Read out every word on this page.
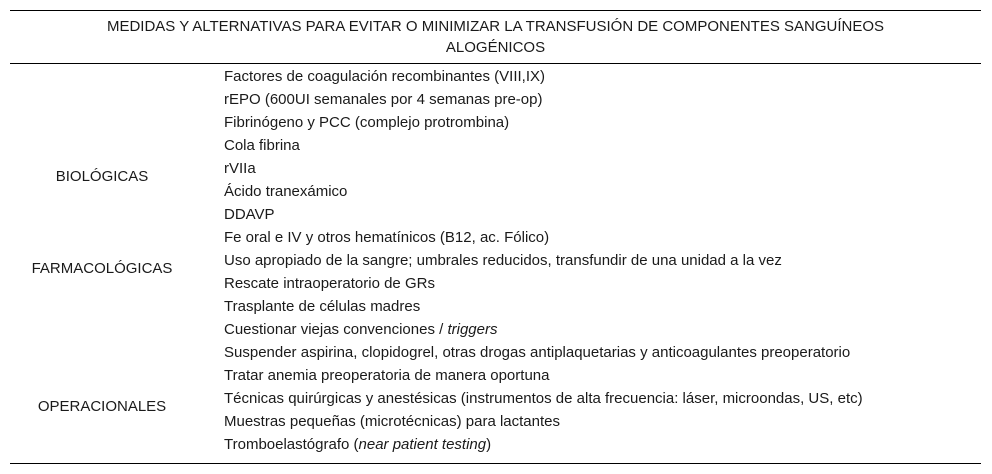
MEDIDAS Y ALTERNATIVAS PARA EVITAR O MINIMIZAR LA TRANSFUSIÓN DE COMPONENTES SANGUÍNEOS ALOGÉNICOS
BIOLÓGICAS
FARMACOLÓGICAS
OPERACIONALES
Factores de coagulación recombinantes (VIII,IX)
rEPO (600UI semanales por 4 semanas pre-op)
Fibrinógeno y PCC (complejo protrombina)
Cola fibrina
rVIIa
Ácido tranexámico
DDAVP
Fe oral e IV y otros hematínicos (B12, ac. Fólico)
Uso apropiado de la sangre; umbrales reducidos, transfundir de una unidad a la vez
Rescate intraoperatorio de GRs
Trasplante de células madres
Cuestionar viejas convenciones / triggers
Suspender aspirina, clopidogrel, otras drogas antiplaquetarias y anticoagulantes preoperatorio
Tratar anemia preoperatoria de manera oportuna
Técnicas quirúrgicas y anestésicas (instrumentos de alta frecuencia: láser, microondas, US, etc)
Muestras pequeñas (microtécnicas) para lactantes
Tromboelastógrafo (near patient testing)
